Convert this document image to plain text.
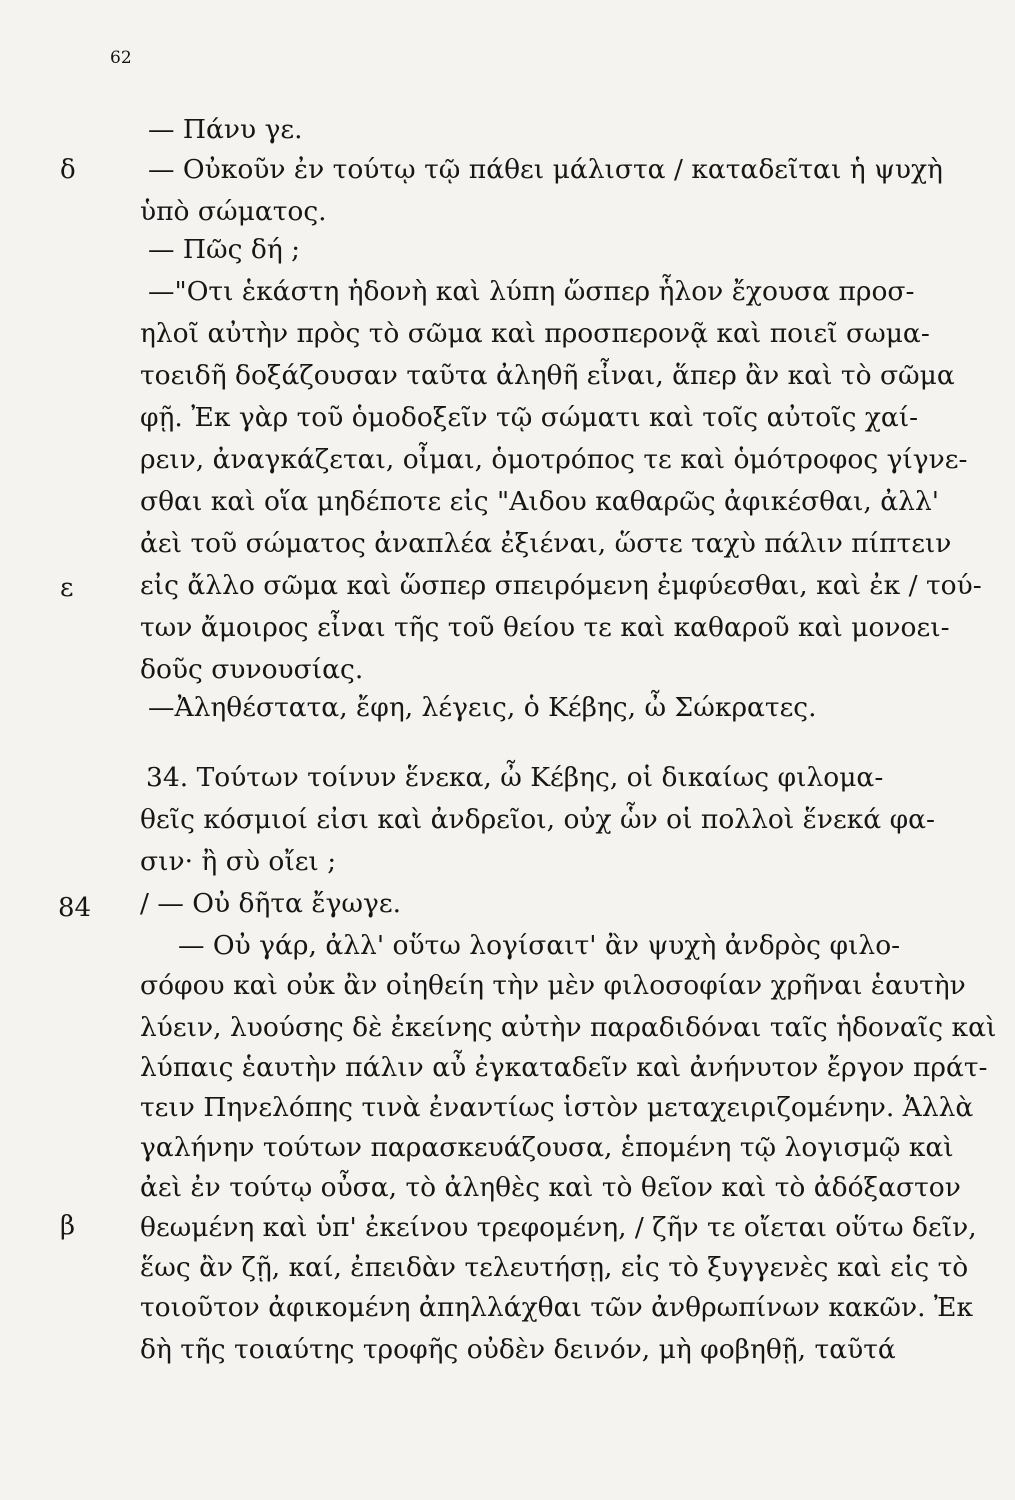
62
δ
ε
84
β
— Πάνυ γε.
— Οὐκοῦν ἐν τούτῳ τῷ πάθει μάλιστα / καταδεῖται ἡ ψυχὴ
ὑπὸ σώματος.
— Πῶς δή ;
—"Οτι ἑκάστη ἡδονὴ καὶ λύπη ὥσπερ ἧλον ἔχουσα προσ-
ηλοῖ αὐτὴν πρὸς τὸ σῶμα καὶ προσπερονᾷ καὶ ποιεῖ σωμα-
τοειδῆ δοξάζουσαν ταῦτα ἀληθῆ εἶναι, ἅπερ ἂν καὶ τὸ σῶμα
φῇ. Ἐκ γὰρ τοῦ ὁμοδοξεῖν τῷ σώματι καὶ τοῖς αὐτοῖς χαί-
ρειν, ἀναγκάζεται, οἶμαι, ὁμοτρόπος τε καὶ ὁμότροφος γίγνε-
σθαι καὶ οἵα μηδέποτε εἰς "Αιδου καθαρῶς ἀφικέσθαι, ἀλλ'
ἀεὶ τοῦ σώματος ἀναπλέα ἐξιέναι, ὥστε ταχὺ πάλιν πίπτειν
εἰς ἄλλο σῶμα καὶ ὥσπερ σπειρόμενη ἐμφύεσθαι, καὶ ἐκ / τού-
των ἄμοιρος εἶναι τῆς τοῦ θείου τε καὶ καθαροῦ καὶ μονοει-
δοῦς συνουσίας.
—Ἀληθέστατα, ἔφη, λέγεις, ὁ Κέβης, ὦ Σώκρατες.
34. Τούτων τοίνυν ἕνεκα, ὦ Κέβης, οἱ δικαίως φιλομα-
θεῖς κόσμιοί εἰσι καὶ ἀνδρεῖοι, οὐχ ὧν οἱ πολλοὶ ἕνεκά φα-
σιν· ἢ σὺ οἴει ;
/ — Οὐ δῆτα ἔγωγε.
— Οὐ γάρ, ἀλλ' οὕτω λογίσαιτ' ἂν ψυχὴ ἀνδρὸς φιλο-
σόφου καὶ οὐκ ἂν οἰηθείη τὴν μὲν φιλοσοφίαν χρῆναι ἑαυτὴν
λύειν, λυούσης δὲ ἐκείνης αὐτὴν παραδιδόναι ταῖς ἡδοναῖς καὶ
λύπαις ἑαυτὴν πάλιν αὖ ἐγκαταδεῖν καὶ ἀνήνυτον ἔργον πράτ-
τειν Πηνελόπης τινὰ ἐναντίως ἱστὸν μεταχειριζομένην. Ἀλλὰ
γαλήνην τούτων παρασκευάζουσα, ἑπομένη τῷ λογισμῷ καὶ
ἀεὶ ἐν τούτῳ οὖσα, τὸ ἀληθὲς καὶ τὸ θεῖον καὶ τὸ ἀδόξαστον
θεωμένη καὶ ὑπ' ἐκείνου τρεφομένη, / ζῆν τε οἴεται οὕτω δεῖν,
ἕως ἂν ζῇ, καί, ἐπειδὰν τελευτήσῃ, εἰς τὸ ξυγγενὲς καὶ εἰς τὸ
τοιοῦτον ἀφικομένη ἀπηλλάχθαι τῶν ἀνθρωπίνων κακῶν. Ἐκ
δὴ τῆς τοιαύτης τροφῆς οὐδὲν δεινόν, μὴ φοβηθῇ, ταῦτά
